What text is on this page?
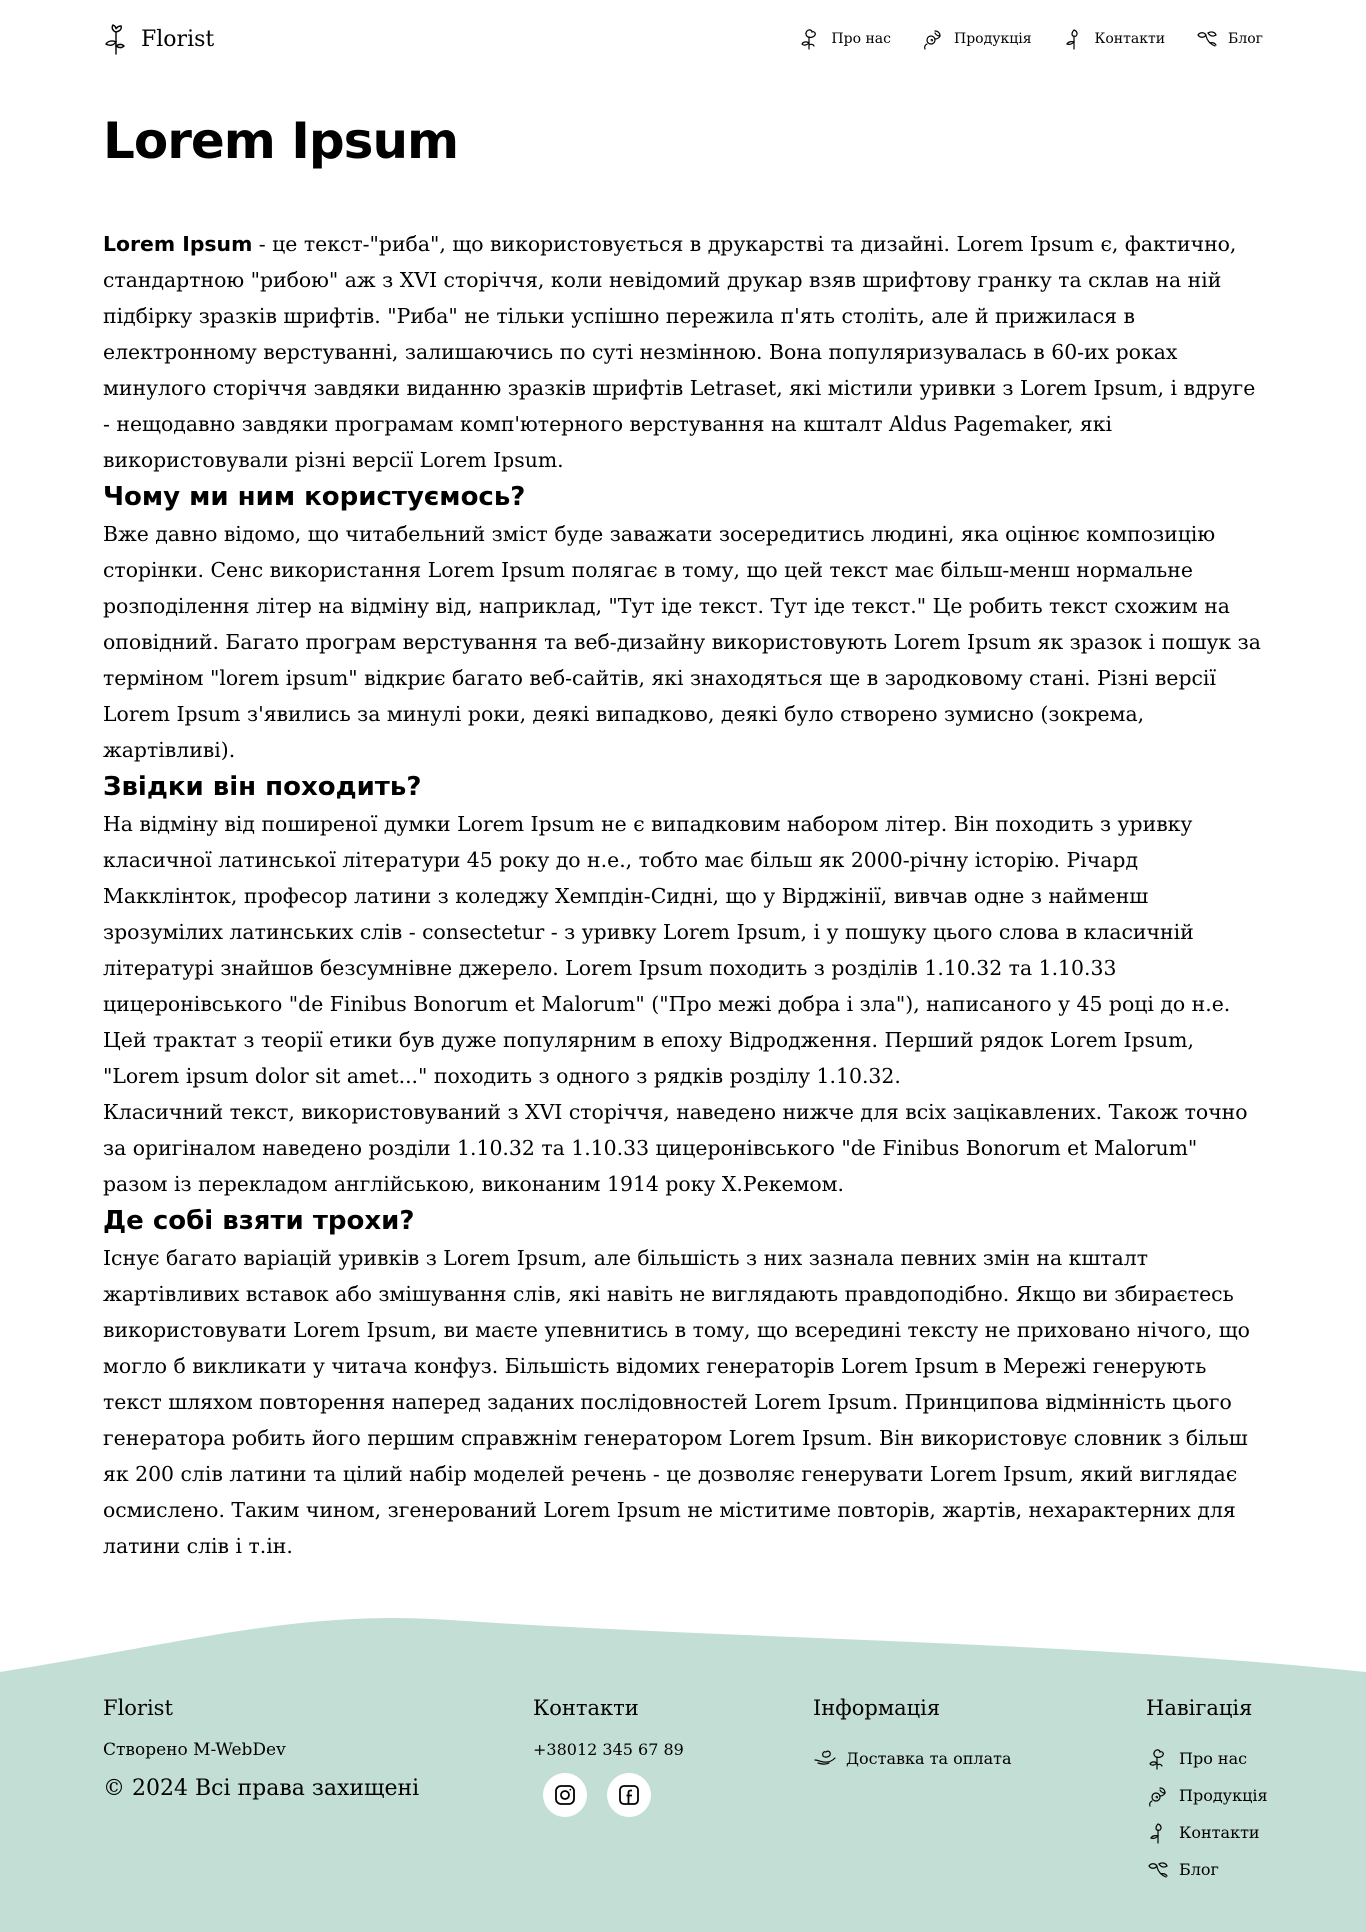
Florist	Про нас	Продукція	Контакти	Блог
Lorem Ipsum

Lorem Ipsum - це текст-"риба", що використовується в друкарстві та дизайні. Lorem Ipsum є, фактично, стандартною "рибою" аж з XVI сторіччя, коли невідомий друкар взяв шрифтову гранку та склав на ній підбірку зразків шрифтів. "Риба" не тільки успішно пережила п'ять століть, але й прижилася в електронному верстуванні, залишаючись по суті незмінною. Вона популяризувалась в 60-их роках минулого сторіччя завдяки виданню зразків шрифтів Letraset, які містили уривки з Lorem Ipsum, і вдруге - нещодавно завдяки програмам комп'ютерного верстування на кшталт Aldus Pagemaker, які використовували різні версії Lorem Ipsum.

Чому ми ним користуємось?

Вже давно відомо, що читабельний зміст буде заважати зосередитись людині, яка оцінює композицію сторінки. Сенс використання Lorem Ipsum полягає в тому, що цей текст має більш-менш нормальне розподілення літер на відміну від, наприклад, "Тут іде текст. Тут іде текст." Це робить текст схожим на оповідний. Багато програм верстування та веб-дизайну використовують Lorem Ipsum як зразок і пошук за терміном "lorem ipsum" відкриє багато веб-сайтів, які знаходяться ще в зародковому стані. Різні версії Lorem Ipsum з'явились за минулі роки, деякі випадково, деякі було створено зумисно (зокрема, жартівливі).

Звідки він походить?

На відміну від поширеної думки Lorem Ipsum не є випадковим набором літер. Він походить з уривку класичної латинської літератури 45 року до н.е., тобто має більш як 2000-річну історію. Річард Макклінток, професор латини з коледжу Хемпдін-Сидні, що у Вірджінії, вивчав одне з найменш зрозумілих латинських слів - consectetur - з уривку Lorem Ipsum, і у пошуку цього слова в класичній літературі знайшов безсумнівне джерело. Lorem Ipsum походить з розділів 1.10.32 та 1.10.33 цицеронівського "de Finibus Bonorum et Malorum" ("Про межі добра і зла"), написаного у 45 році до н.е. Цей трактат з теорії етики був дуже популярним в епоху Відродження. Перший рядок Lorem Ipsum, "Lorem ipsum dolor sit amet..." походить з одного з рядків розділу 1.10.32.

Класичний текст, використовуваний з XVI сторіччя, наведено нижче для всіх зацікавлених. Також точно за оригіналом наведено розділи 1.10.32 та 1.10.33 цицеронівського "de Finibus Bonorum et Malorum" разом із перекладом англійською, виконаним 1914 року Х.Рекемом.

Де собі взяти трохи?

Існує багато варіацій уривків з Lorem Ipsum, але більшість з них зазнала певних змін на кшталт жартівливих вставок або змішування слів, які навіть не виглядають правдоподібно. Якщо ви збираєтесь використовувати Lorem Ipsum, ви маєте упевнитись в тому, що всередині тексту не приховано нічого, що могло б викликати у читача конфуз. Більшість відомих генераторів Lorem Ipsum в Мережі генерують текст шляхом повторення наперед заданих послідовностей Lorem Ipsum. Принципова відмінність цього генератора робить його першим справжнім генератором Lorem Ipsum. Він використовує словник з більш як 200 слів латини та цілий набір моделей речень - це дозволяє генерувати Lorem Ipsum, який виглядає осмислено. Таким чином, згенерований Lorem Ipsum не міститиме повторів, жартів, нехарактерних для латини слів і т.ін.

Florist
Створено M-WebDev
© 2024 Всі права захищені
Контакти
+38012 345 67 89
Інформація
Доставка та оплата
Навігація
Про нас
Продукція
Контакти
Блог
